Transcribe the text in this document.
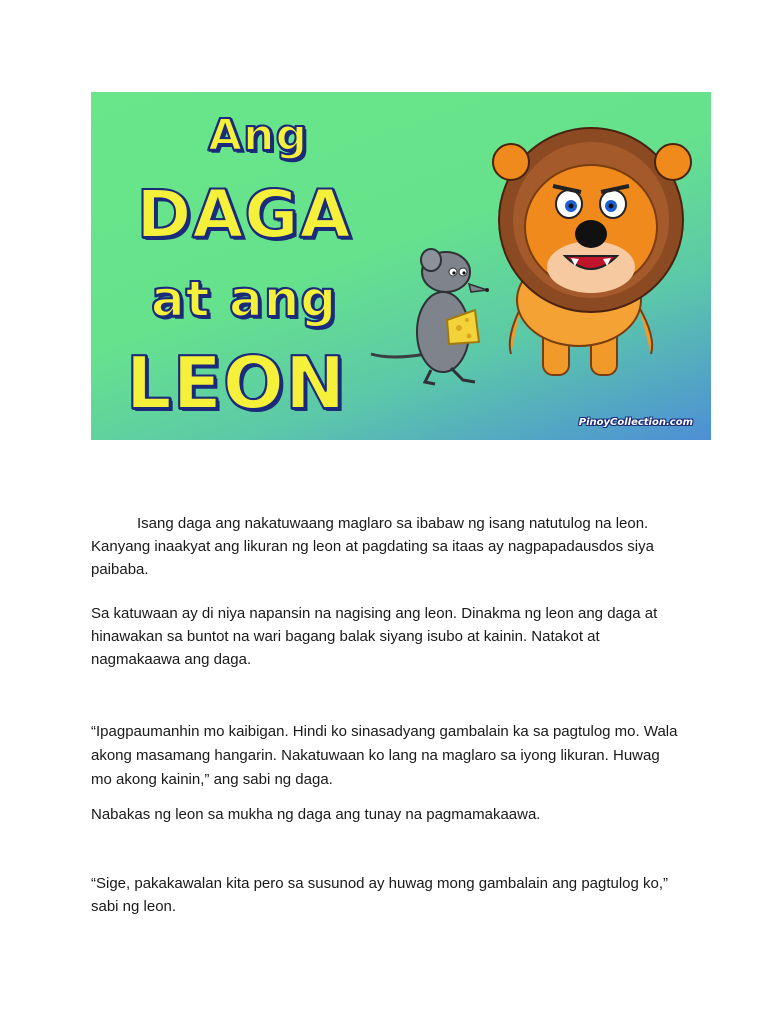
Ang
DAGA
at ang
LEON	PinoyCollection.com

Isang daga ang nakatuwaang maglaro sa ibabaw ng isang natutulog na leon. Kanyang inaakyat ang likuran ng leon at pagdating sa itaas ay nagpapadausdos siya paibaba.

Sa katuwaan ay di niya napansin na nagising ang leon. Dinakma ng leon ang daga at hinawakan sa buntot na wari bagang balak siyang isubo at kainin. Natakot at nagmakaawa ang daga.

“Ipagpaumanhin mo kaibigan. Hindi ko sinasadyang gambalain ka sa pagtulog mo. Wala akong masamang hangarin. Nakatuwaan ko lang na maglaro sa iyong likuran. Huwag mo akong kainin,” ang sabi ng daga.

Nabakas ng leon sa mukha ng daga ang tunay na pagmamakaawa.

“Sige, pakakawalan kita pero sa susunod ay huwag mong gambalain ang pagtulog ko,” sabi ng leon.
